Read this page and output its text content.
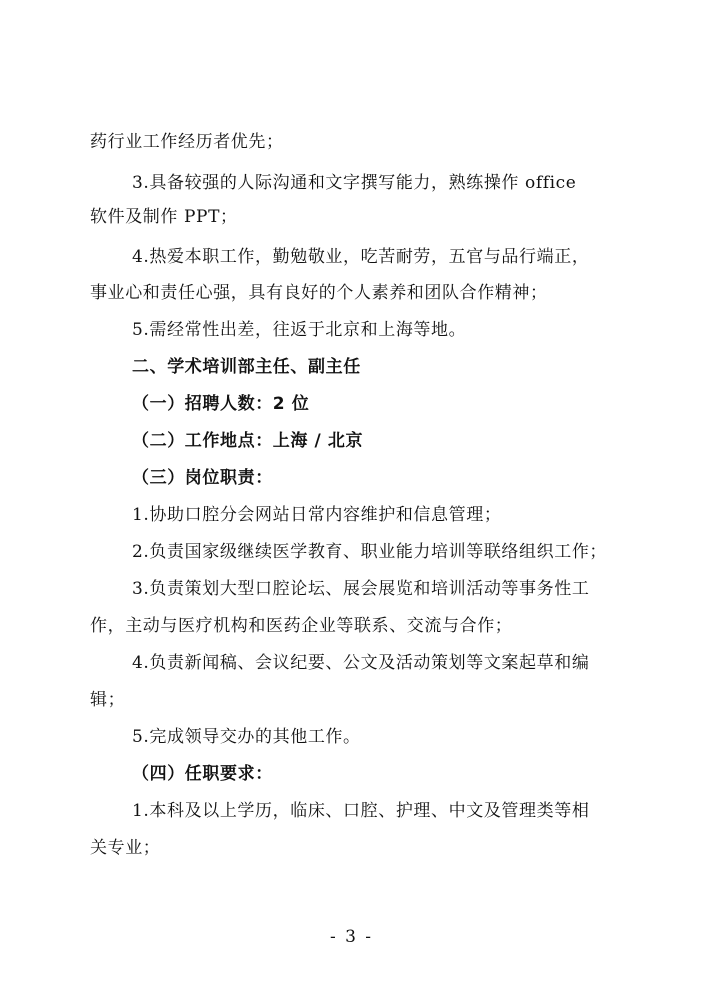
药行业工作经历者优先；
3.具备较强的人际沟通和文字撰写能力，熟练操作 office
软件及制作 PPT；
4.热爱本职工作，勤勉敬业，吃苦耐劳，五官与品行端正，
事业心和责任心强，具有良好的个人素养和团队合作精神；
5.需经常性出差，往返于北京和上海等地。
二、学术培训部主任、副主任
（一）招聘人数：2 位
（二）工作地点：上海 / 北京
（三）岗位职责：
1.协助口腔分会网站日常内容维护和信息管理；
2.负责国家级继续医学教育、职业能力培训等联络组织工作；
3.负责策划大型口腔论坛、展会展览和培训活动等事务性工
作，主动与医疗机构和医药企业等联系、交流与合作；
4.负责新闻稿、会议纪要、公文及活动策划等文案起草和编
辑；
5.完成领导交办的其他工作。
（四）任职要求：
1.本科及以上学历，临床、口腔、护理、中文及管理类等相
关专业；
- 3 -
